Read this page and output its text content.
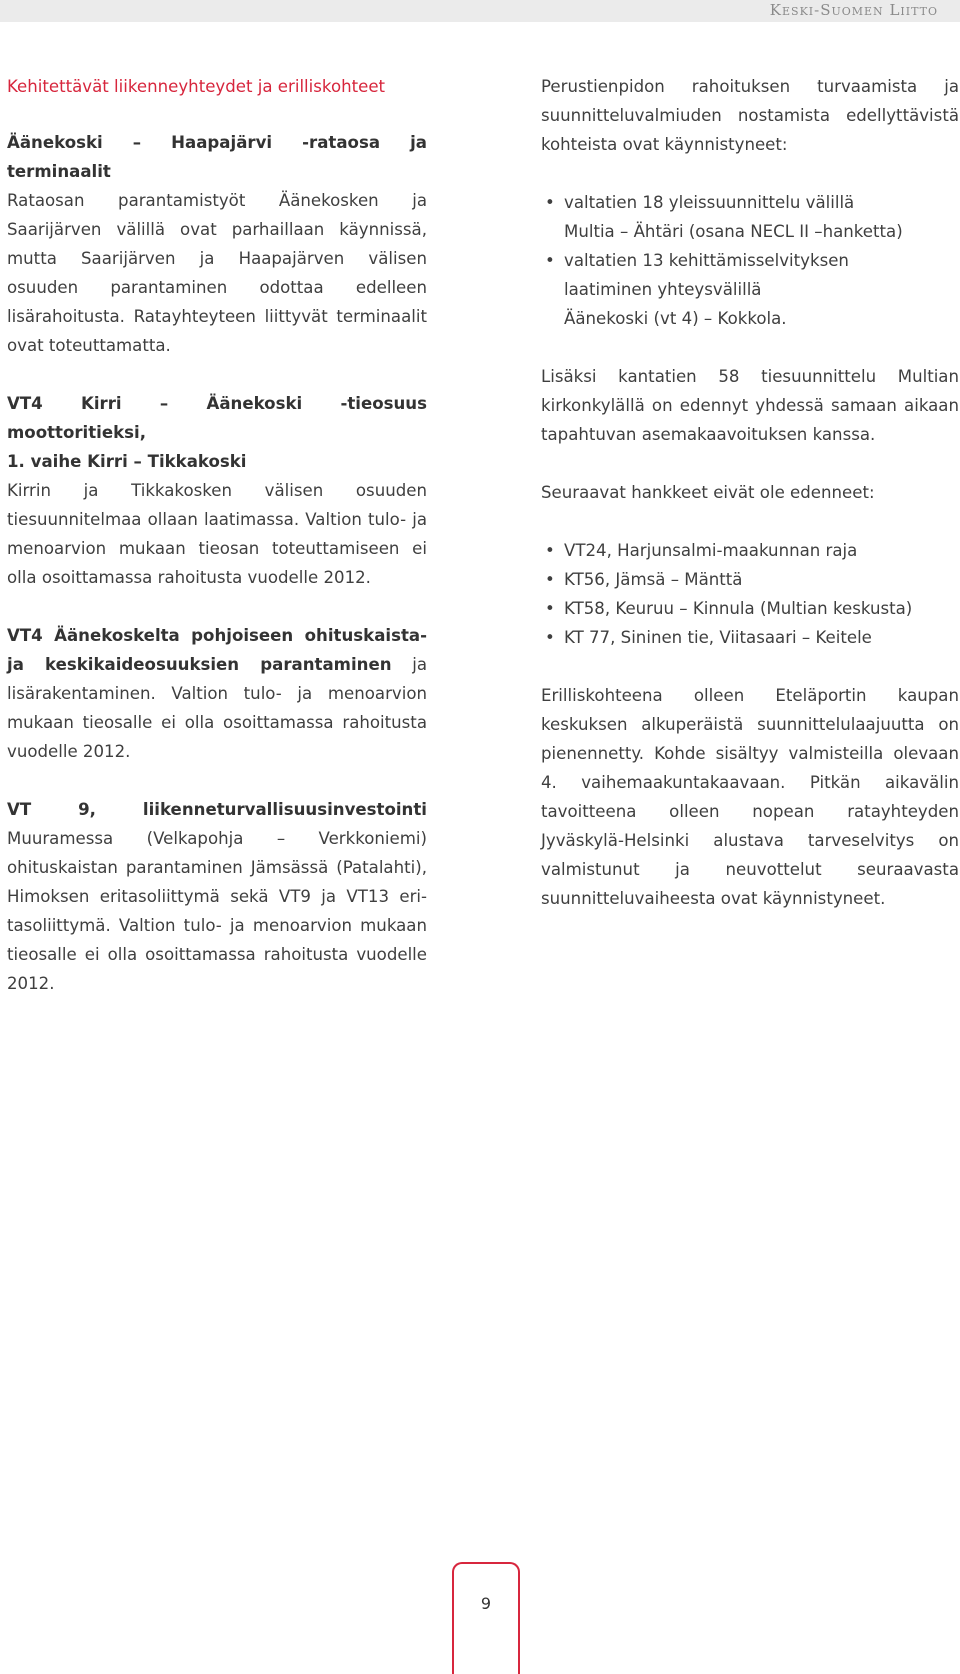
Keski-Suomen Liitto
Kehitettävät liikenneyhteydet ja erilliskohteet

Äänekoski – Haapajärvi -rataosa ja terminaalit
Rataosan parantamistyöt Äänekosken ja Saarijärven välillä ovat parhaillaan käynnissä, mutta Saarijärven ja Haapajärven välisen osuuden parantaminen odottaa edelleen lisärahoitusta. Ratayhteyteen liittyvät terminaalit ovat toteuttamatta.

VT4 Kirri – Äänekoski -tieosuus moottoritieksi,
1. vaihe Kirri – Tikkakoski
Kirrin ja Tikkakosken välisen osuuden tiesuunnitelmaa ollaan laatimassa. Valtion tulo- ja menoarvion mukaan tieosan toteuttamiseen ei olla osoittamassa rahoitusta vuodelle 2012.

VT4 Äänekoskelta pohjoiseen ohituskaista- ja keskikaideosuuksien parantaminen ja lisärakentaminen. Valtion tulo- ja menoarvion mukaan tieosalle ei olla osoittamassa rahoitusta vuodelle 2012.

VT 9, liikenneturvallisuusinvestointi Muuramessa (Velkapohja – Verkkoniemi) ohituskaistan parantaminen Jämsässä (Patalahti), Himoksen eritasoliittymä sekä VT9 ja VT13 eri-tasoliittymä. Valtion tulo- ja menoarvion mukaan tieosalle ei olla osoittamassa rahoitusta vuodelle 2012.

Perustienpidon rahoituksen turvaamista ja suunnitteluvalmiuden nostamista edellyttävistä kohteista ovat käynnistyneet:

• valtatien 18 yleissuunnittelu välillä
Multia – Ähtäri (osana NECL II –hanketta)
• valtatien 13 kehittämisselvityksen
laatiminen yhteysvälillä
Äänekoski (vt 4) – Kokkola.

Lisäksi kantatien 58 tiesuunnittelu Multian kirkonkylällä on edennyt yhdessä samaan aikaan tapahtuvan asemakaavoituksen kanssa.

Seuraavat hankkeet eivät ole edenneet:

• VT24, Harjunsalmi-maakunnan raja
• KT56, Jämsä – Mänttä
• KT58, Keuruu – Kinnula (Multian keskusta)
• KT 77, Sininen tie, Viitasaari – Keitele

Erilliskohteena olleen Eteläportin kaupan keskuksen alkuperäistä suunnittelulaajuutta on pienennetty. Kohde sisältyy valmisteilla olevaan 4. vaihemaakuntakaavaan. Pitkän aikavälin tavoitteena olleen nopean ratayhteyden Jyväskylä-Helsinki alustava tarveselvitys on valmistunut ja neuvottelut seuraavasta suunnitteluvaiheesta ovat käynnistyneet.

9
